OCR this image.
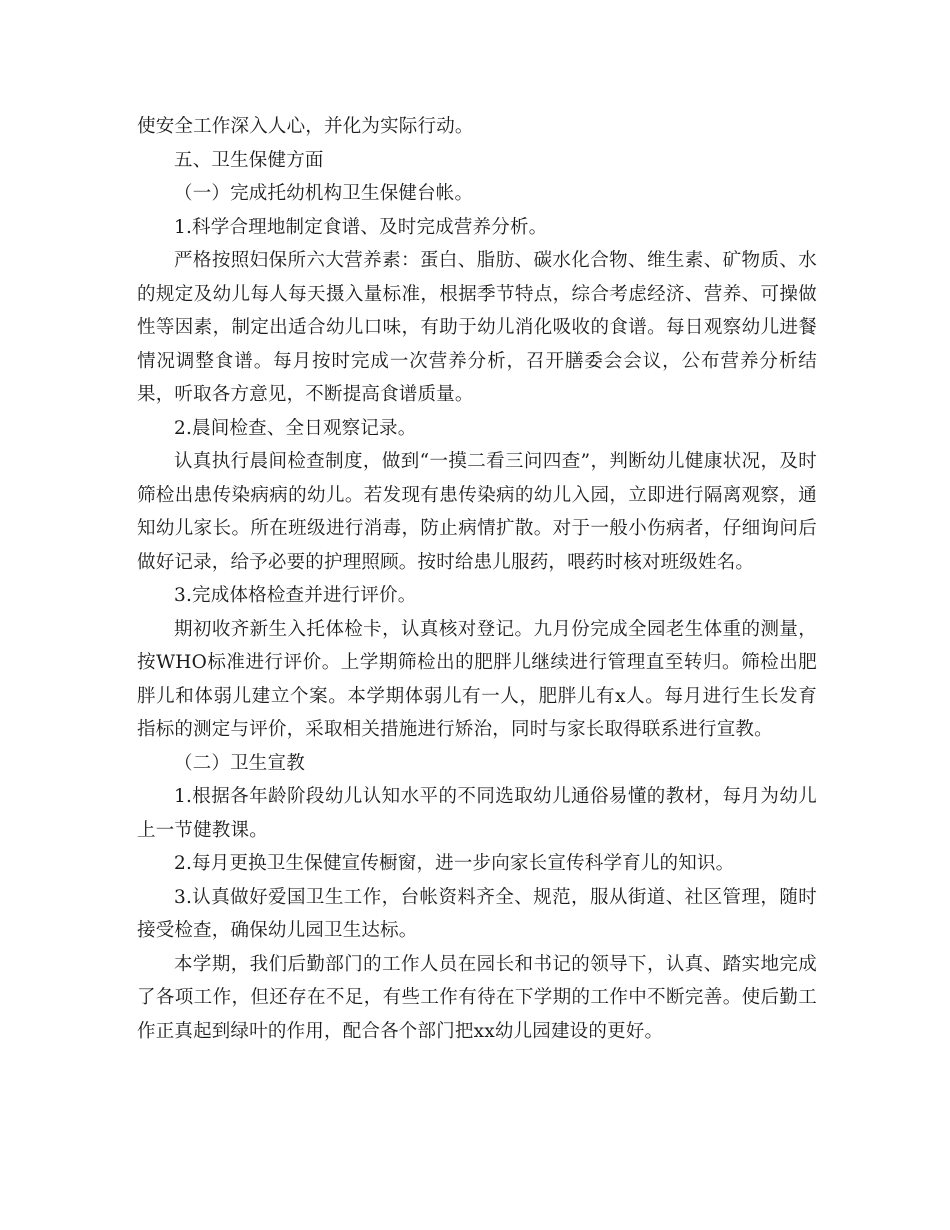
使安全工作深入人心，并化为实际行动。

五、卫生保健方面

（一）完成托幼机构卫生保健台帐。

1.科学合理地制定食谱、及时完成营养分析。

严格按照妇保所六大营养素：蛋白、脂肪、碳水化合物、维生素、矿物质、水的规定及幼儿每人每天摄入量标准，根据季节特点，综合考虑经济、营养、可操做性等因素，制定出适合幼儿口味，有助于幼儿消化吸收的食谱。每日观察幼儿进餐情况调整食谱。每月按时完成一次营养分析，召开膳委会会议，公布营养分析结果，听取各方意见，不断提高食谱质量。

2.晨间检查、全日观察记录。

认真执行晨间检查制度，做到“一摸二看三问四查”，判断幼儿健康状况，及时筛检出患传染病病的幼儿。若发现有患传染病的幼儿入园，立即进行隔离观察，通知幼儿家长。所在班级进行消毒，防止病情扩散。对于一般小伤病者，仔细询问后做好记录，给予必要的护理照顾。按时给患儿服药，喂药时核对班级姓名。

3.完成体格检查并进行评价。

期初收齐新生入托体检卡，认真核对登记。九月份完成全园老生体重的测量，按WHO标准进行评价。上学期筛检出的肥胖儿继续进行管理直至转归。筛检出肥胖儿和体弱儿建立个案。本学期体弱儿有一人，肥胖儿有x人。每月进行生长发育指标的测定与评价，采取相关措施进行矫治，同时与家长取得联系进行宣教。

（二）卫生宣教

1.根据各年龄阶段幼儿认知水平的不同选取幼儿通俗易懂的教材，每月为幼儿上一节健教课。

2.每月更换卫生保健宣传橱窗，进一步向家长宣传科学育儿的知识。

3.认真做好爱国卫生工作，台帐资料齐全、规范，服从街道、社区管理，随时接受检查，确保幼儿园卫生达标。

本学期，我们后勤部门的工作人员在园长和书记的领导下，认真、踏实地完成了各项工作，但还存在不足，有些工作有待在下学期的工作中不断完善。使后勤工作正真起到绿叶的作用，配合各个部门把xx幼儿园建设的更好。
